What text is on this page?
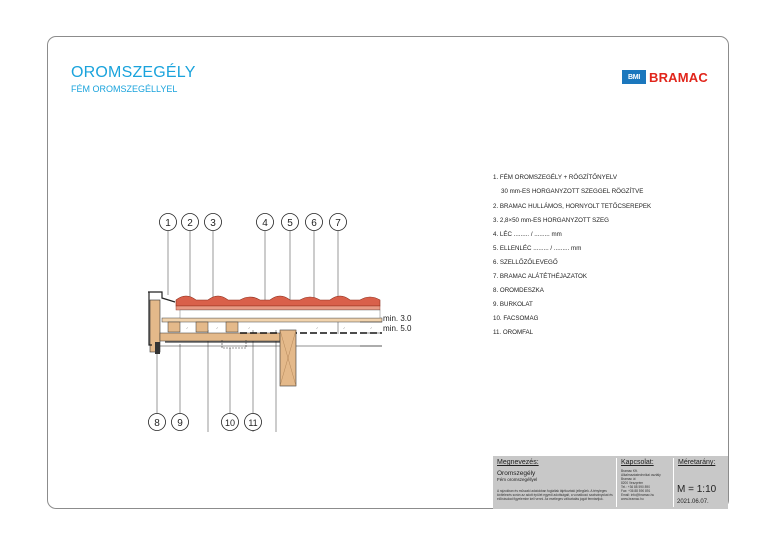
OROMSZEGÉLY
FÉM OROMSZEGÉLLYEL
BMI BRAMAC
1. FÉM OROMSZEGÉLY + RÖGZÍTŐNYELV
30 mm-ES HORGANYZOTT SZEGGEL RÖGZÍTVE
2. BRAMAC HULLÁMOS, HORNYOLT TETŐCSEREPEK
3. 2,8×50 mm-ES HORGANYZOTT SZEG
4. LÉC ......... / ......... mm
5. ELLENLÉC ......... / ......... mm
6. SZELLŐZŐLEVEGŐ
7. BRAMAC ALÁTÉTHÉJAZATOK
8. OROMDESZKA
9. BURKOLAT
10. FACSOMAG
11. OROMFAL
✓	✓	✓	✓	✓	✓
min. 3.0
min. 5.0
1 2 3	4 5 6 7
8 9	10 11
Megnevezés:
Oromszegély
Fém oromszegéllyel
A rajzokban és műszaki adatokban foglaltak tájékoztató jellegűek. A tényleges kivitelezés során az adott épület egyedi adottságait, a vonatkozó szabványokat és előírásokat figyelembe kell venni. Az esetleges változtatás jogát fenntartjuk.
Kapcsolat:
Bramac Kft.
Alkalmazástechnikai osztály
Bramac út
8200 Veszprém
Tel.: +36 88 590 890
Fax: +36 88 590 891
Email: info@bramac.hu
www.bramac.hu
Méretarány:
M = 1:10
2021.06.07.
